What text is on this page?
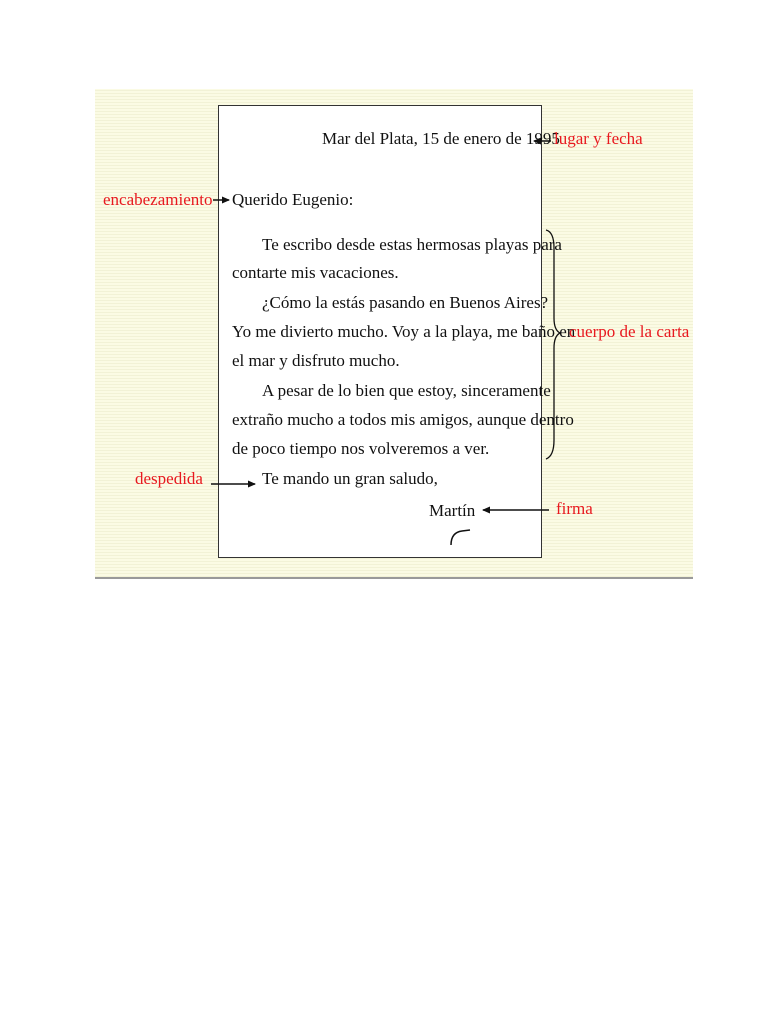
Mar del Plata, 15 de enero de 1995
Querido Eugenio:
Te escribo desde estas hermosas playas para
contarte mis vacaciones.
¿Cómo la estás pasando en Buenos Aires?
Yo me divierto mucho. Voy a la playa, me baño en
el mar y disfruto mucho.
A pesar de lo bien que estoy, sinceramente
extraño mucho a todos mis amigos, aunque dentro
de poco tiempo nos volveremos a ver.
Te mando un gran saludo,
Martín
lugar y fecha
encabezamiento
cuerpo de la carta
despedida
firma
